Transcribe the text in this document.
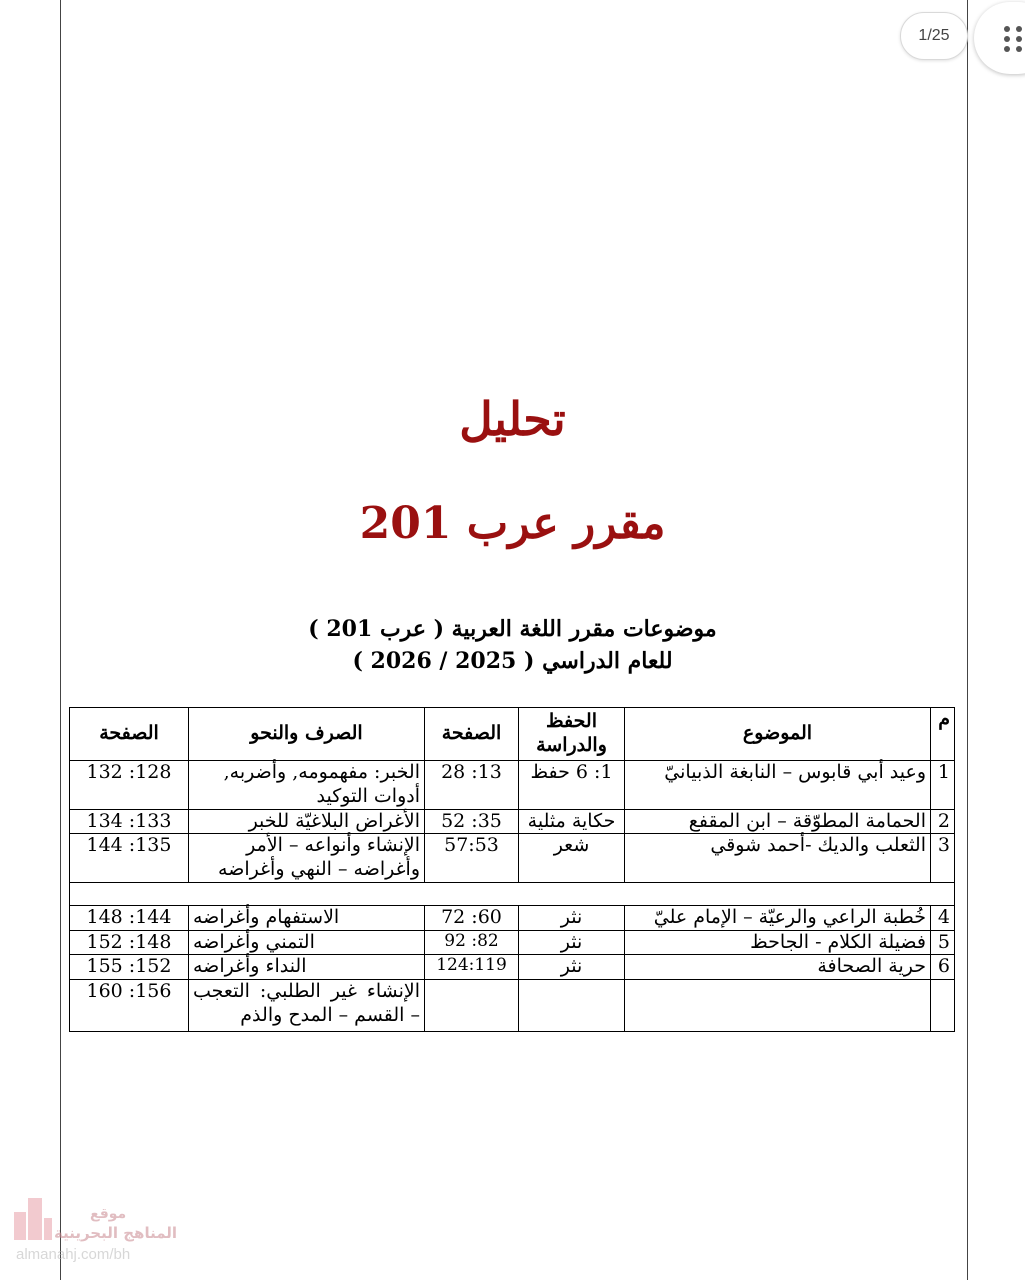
1/25
تحليل
مقرر عرب 201
موضوعات مقرر اللغة العربية ( عرب 201 )
للعام الدراسي ( 2025 / 2026 )
م	الموضوع	الحفظ والدراسة	الصفحة	الصرف والنحو	الصفحة
1	وعيد أبي قابوس – النابغة الذبيانيّ	1: 6 حفظ	13: 28	الخبر: مفهمومه, وأضربه, أدوات التوكيد	128: 132
2	الحمامة المطوّقة – ابن المقفع	حكاية مثلية	35: 52	الأغراض البلاغيّة للخبر	133: 134
3	الثعلب والديك -أحمد شوقي	شعر	57:53	الإنشاء وأنواعه – الأمر وأغراضه – النهي وأغراضه	135: 144

4	خُطبة الراعي والرعيّة – الإمام عليّ	نثر	60: 72	الاستفهام وأغراضه	144: 148
5	فضيلة الكلام - الجاحظ	نثر	82: 92	التمني وأغراضه	148: 152
6	حرية الصحافة	نثر	124:119	النداء وأغراضه	152: 155
				الإنشاء غير الطلبي: التعجب – القسم – المدح والذم	156: 160
موقع
المناهج البحرينية
almanahj.com/bh
